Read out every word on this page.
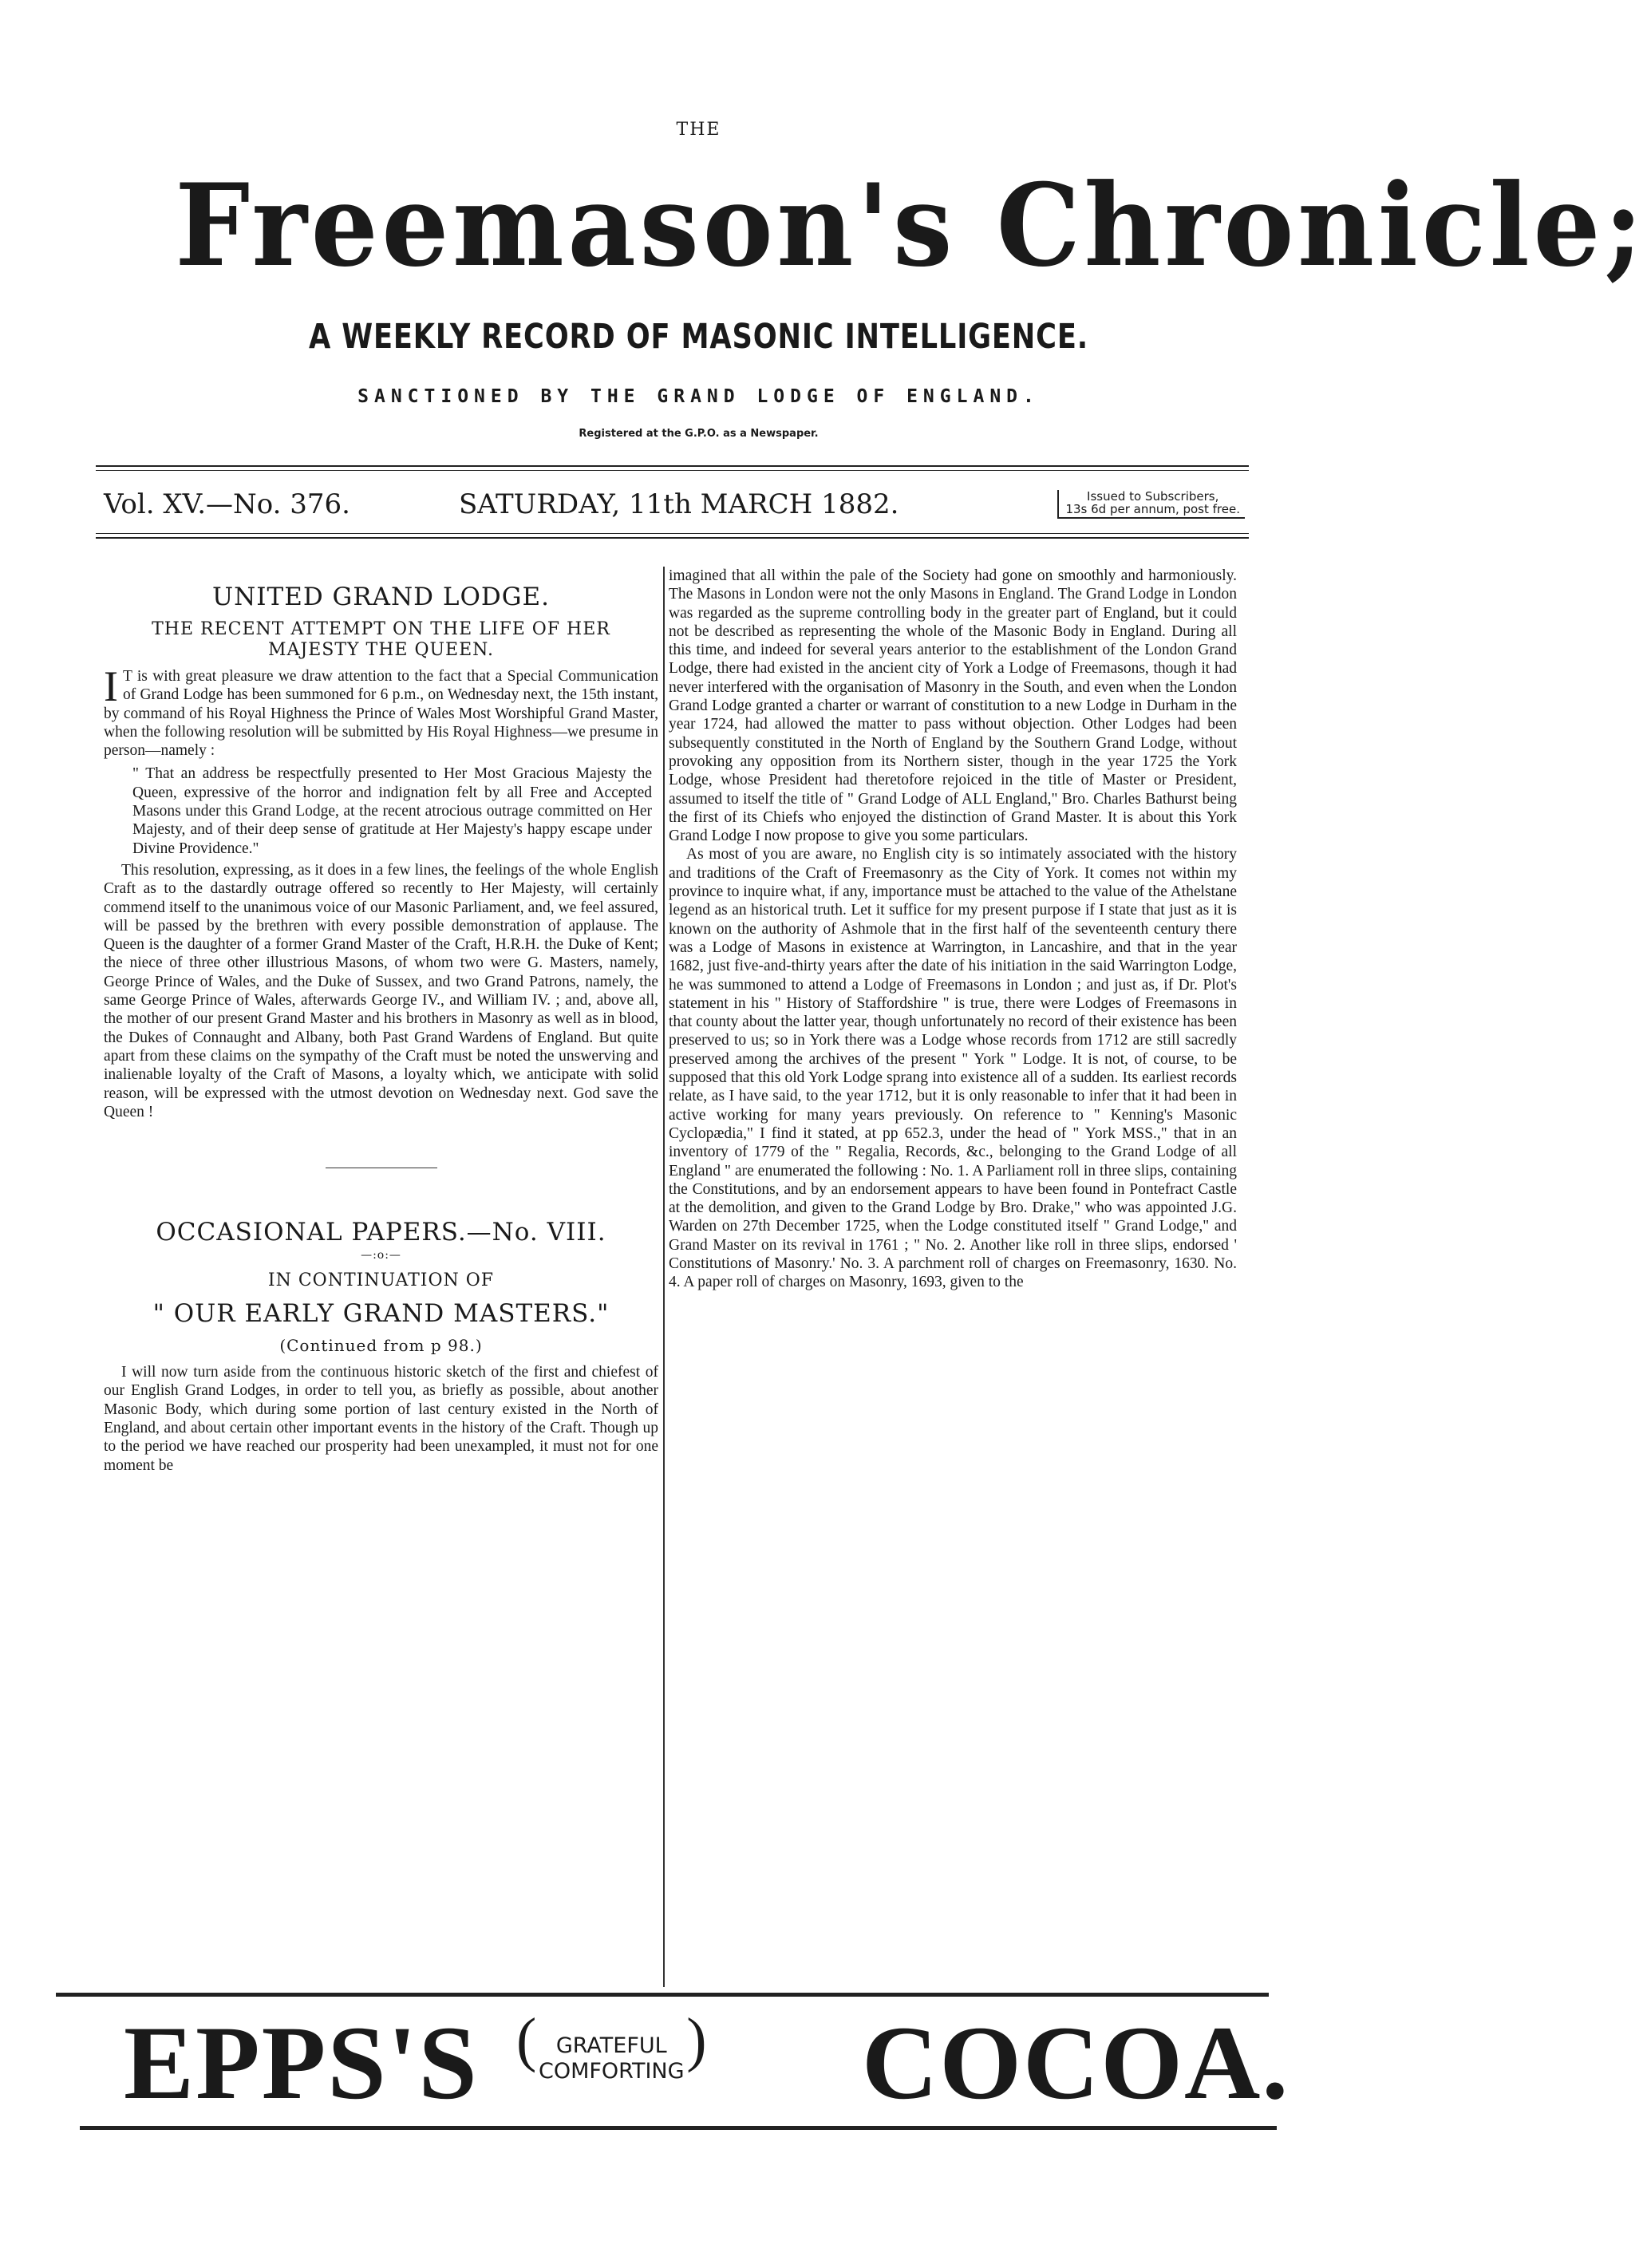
THE
Freemason's Chronicle;
A WEEKLY RECORD OF MASONIC INTELLIGENCE.
SANCTIONED BY THE GRAND LODGE OF ENGLAND.
Registered at the G.P.O. as a Newspaper.
Vol. XV.—No. 376.	SATURDAY, 11th MARCH 1882.	Issued to Subscribers,
13s 6d per annum, post free.
UNITED GRAND LODGE.
THE RECENT ATTEMPT ON THE LIFE OF HER MAJESTY THE QUEEN.

I T is with great pleasure we draw attention to the fact that a Special Communication of Grand Lodge has been summoned for 6 p.m., on Wednesday next, the 15th instant, by command of his Royal Highness the Prince of Wales Most Worshipful Grand Master, when the following resolution will be submitted by His Royal Highness—we presume in person—namely :

" That an address be respectfully presented to Her Most Gracious Majesty the Queen, expressive of the horror and indignation felt by all Free and Accepted Masons under this Grand Lodge, at the recent atrocious outrage committed on Her Majesty, and of their deep sense of gratitude at Her Majesty's happy escape under Divine Providence."

This resolution, expressing, as it does in a few lines, the feelings of the whole English Craft as to the dastardly outrage offered so recently to Her Majesty, will certainly commend itself to the unanimous voice of our Masonic Parliament, and, we feel assured, will be passed by the brethren with every possible demonstration of applause. The Queen is the daughter of a former Grand Master of the Craft, H.R.H. the Duke of Kent; the niece of three other illustrious Masons, of whom two were G. Masters, namely, George Prince of Wales, and the Duke of Sussex, and two Grand Patrons, namely, the same George Prince of Wales, afterwards George IV., and William IV. ; and, above all, the mother of our present Grand Master and his brothers in Masonry as well as in blood, the Dukes of Connaught and Albany, both Past Grand Wardens of England. But quite apart from these claims on the sympathy of the Craft must be noted the unswerving and inalienable loyalty of the Craft of Masons, a loyalty which, we anticipate with solid reason, will be expressed with the utmost devotion on Wednesday next. God save the Queen !

OCCASIONAL PAPERS.—No. VIII.
—:o:—
IN CONTINUATION OF
" OUR EARLY GRAND MASTERS."
(Continued from p 98.)

I will now turn aside from the continuous historic sketch of the first and chiefest of our English Grand Lodges, in order to tell you, as briefly as possible, about another Masonic Body, which during some portion of last century existed in the North of England, and about certain other important events in the history of the Craft. Though up to the period we have reached our prosperity had been unexampled, it must not for one moment be

imagined that all within the pale of the Society had gone on smoothly and harmoniously. The Masons in London were not the only Masons in England. The Grand Lodge in London was regarded as the supreme controlling body in the greater part of England, but it could not be described as representing the whole of the Masonic Body in England. During all this time, and indeed for several years anterior to the establishment of the London Grand Lodge, there had existed in the ancient city of York a Lodge of Freemasons, though it had never interfered with the organisation of Masonry in the South, and even when the London Grand Lodge granted a charter or warrant of constitution to a new Lodge in Durham in the year 1724, had allowed the matter to pass without objection. Other Lodges had been subsequently constituted in the North of England by the Southern Grand Lodge, without provoking any opposition from its Northern sister, though in the year 1725 the York Lodge, whose President had theretofore rejoiced in the title of Master or President, assumed to itself the title of " Grand Lodge of ALL England," Bro. Charles Bathurst being the first of its Chiefs who enjoyed the distinction of Grand Master. It is about this York Grand Lodge I now propose to give you some particulars.

As most of you are aware, no English city is so intimately associated with the history and traditions of the Craft of Freemasonry as the City of York. It comes not within my province to inquire what, if any, importance must be attached to the value of the Athelstane legend as an historical truth. Let it suffice for my present purpose if I state that just as it is known on the authority of Ashmole that in the first half of the seventeenth century there was a Lodge of Masons in existence at Warrington, in Lancashire, and that in the year 1682, just five-and-thirty years after the date of his initiation in the said Warrington Lodge, he was summoned to attend a Lodge of Freemasons in London ; and just as, if Dr. Plot's statement in his " History of Staffordshire " is true, there were Lodges of Freemasons in that county about the latter year, though unfortunately no record of their existence has been preserved to us; so in York there was a Lodge whose records from 1712 are still sacredly preserved among the archives of the present " York " Lodge. It is not, of course, to be supposed that this old York Lodge sprang into existence all of a sudden. Its earliest records relate, as I have said, to the year 1712, but it is only reasonable to infer that it had been in active working for many years previously. On reference to " Kenning's Masonic Cyclopædia," I find it stated, at pp 652.3, under the head of " York MSS.," that in an inventory of 1779 of the " Regalia, Records, &c., belonging to the Grand Lodge of all England " are enumerated the following : No. 1. A Parliament roll in three slips, containing the Constitutions, and by an endorsement appears to have been found in Pontefract Castle at the demolition, and given to the Grand Lodge by Bro. Drake," who was appointed J.G. Warden on 27th December 1725, when the Lodge constituted itself " Grand Lodge," and Grand Master on its revival in 1761 ; " No. 2. Another like roll in three slips, endorsed ' Constitutions of Masonry.' No. 3. A parchment roll of charges on Freemasonry, 1630. No. 4. A paper roll of charges on Masonry, 1693, given to the

EPPS'S ( GRATEFUL
COMFORTING ) COCOA.
